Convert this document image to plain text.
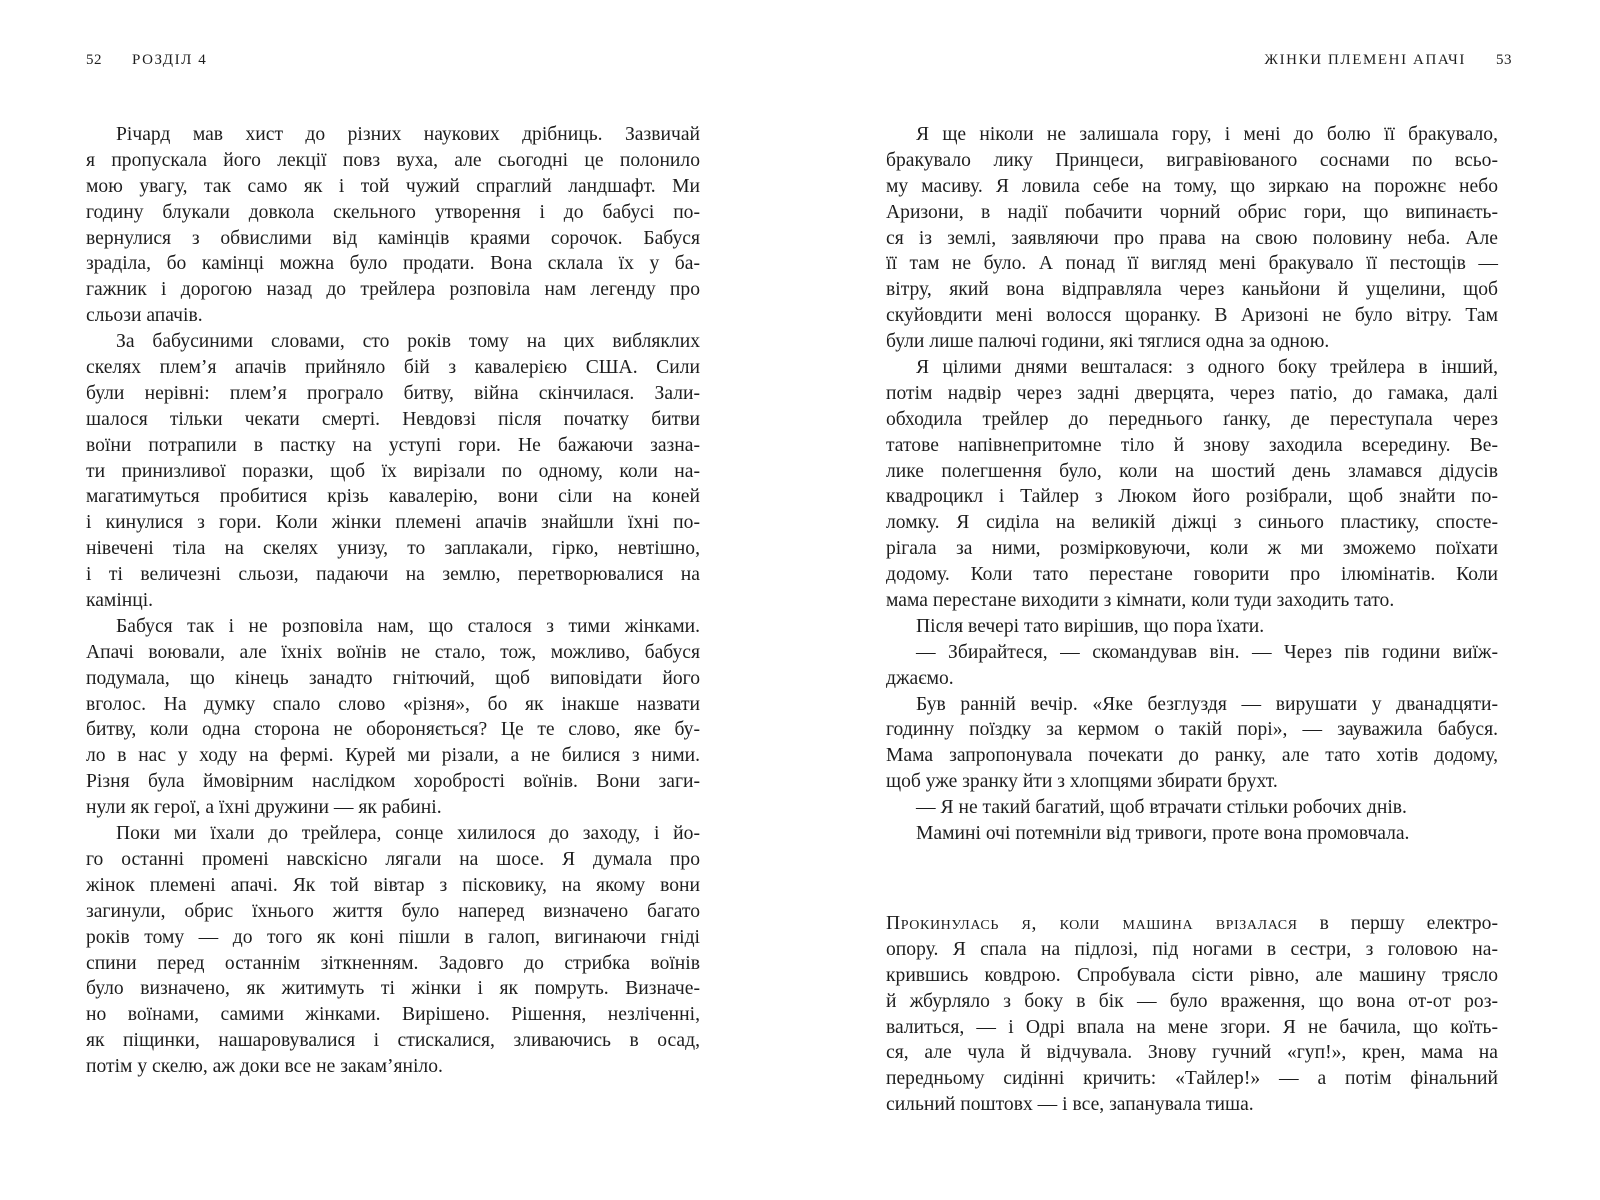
52 РОЗДІЛ 4
Річард мав хист до різних наукових дрібниць. Зазвичай
я пропускала його лекції повз вуха, але сьогодні це полонило
мою увагу, так само як і той чужий спраглий ландшафт. Ми
годину блукали довкола скельного утворення і до бабусі по-
вернулися з обвислими від камінців краями сорочок. Бабуся
зраділа, бо камінці можна було продати. Вона склала їх у ба-
гажник і дорогою назад до трейлера розповіла нам легенду про
сльози апачів.
За бабусиними словами, сто років тому на цих вибляклих
скелях плем’я апачів прийняло бій з кавалерією США. Сили
були нерівні: плем’я програло битву, війна скінчилася. Зали-
шалося тільки чекати смерті. Невдовзі після початку битви
воїни потрапили в пастку на уступі гори. Не бажаючи зазна-
ти принизливої поразки, щоб їх вирізали по одному, коли на-
магатимуться пробитися крізь кавалерію, вони сіли на коней
і кинулися з гори. Коли жінки племені апачів знайшли їхні по-
нівечені тіла на скелях унизу, то заплакали, гірко, невтішно,
і ті величезні сльози, падаючи на землю, перетворювалися на
камінці.
Бабуся так і не розповіла нам, що сталося з тими жінками.
Апачі воювали, але їхніх воїнів не стало, тож, можливо, бабуся
подумала, що кінець занадто гнітючий, щоб виповідати його
вголос. На думку спало слово «різня», бо як інакше назвати
битву, коли одна сторона не обороняється? Це те слово, яке бу-
ло в нас у ходу на фермі. Курей ми різали, а не билися з ними.
Різня була ймовірним наслідком хоробрості воїнів. Вони заги-
нули як герої, а їхні дружини — як рабині.
Поки ми їхали до трейлера, сонце хилилося до заходу, і йо-
го останні промені навскісно лягали на шосе. Я думала про
жінок племені апачі. Як той вівтар з пісковику, на якому вони
загинули, обрис їхнього життя було наперед визначено багато
років тому — до того як коні пішли в галоп, вигинаючи гніді
спини перед останнім зіткненням. Задовго до стрибка воїнів
було визначено, як житимуть ті жінки і як помруть. Визначе-
но воїнами, самими жінками. Вирішено. Рішення, незліченні,
як піщинки, нашаровувалися і стискалися, зливаючись в осад,
потім у скелю, аж доки все не закам’яніло.
ЖІНКИ ПЛЕМЕНІ АПАЧІ 53
Я ще ніколи не залишала гору, і мені до болю її бракувало,
бракувало лику Принцеси, вигравіюваного соснами по всьо-
му масиву. Я ловила себе на тому, що зиркаю на порожнє небо
Аризони, в надії побачити чорний обрис гори, що випинаєть-
ся із землі, заявляючи про права на свою половину неба. Але
її там не було. А понад її вигляд мені бракувало її пестощів —
вітру, який вона відправляла через каньйони й ущелини, щоб
скуйовдити мені волосся щоранку. В Аризоні не було вітру. Там
були лише палючі години, які тяглися одна за одною.
Я цілими днями вешталася: з одного боку трейлера в інший,
потім надвір через задні дверцята, через патіо, до гамака, далі
обходила трейлер до переднього ґанку, де переступала через
татове напівнепритомне тіло й знову заходила всередину. Ве-
лике полегшення було, коли на шостий день зламався дідусів
квадроцикл і Тайлер з Люком його розібрали, щоб знайти по-
ломку. Я сиділа на великій діжці з синього пластику, спосте-
рігала за ними, розмірковуючи, коли ж ми зможемо поїхати
додому. Коли тато перестане говорити про ілюмінатів. Коли
мама перестане виходити з кімнати, коли туди заходить тато.
Після вечері тато вирішив, що пора їхати.
— Збирайтеся, — скомандував він. — Через пів години виїж-
джаємо.
Був ранній вечір. «Яке безглуздя — вирушати у дванадцяти-
годинну поїздку за кермом о такій порі», — зауважила бабуся.
Мама запропонувала почекати до ранку, але тато хотів додому,
щоб уже зранку йти з хлопцями збирати брухт.
— Я не такий багатий, щоб втрачати стільки робочих днів.
Мамині очі потемніли від тривоги, проте вона промовчала.
Прокинулась я, коли машина врізалася в першу електро-
опору. Я спала на підлозі, під ногами в сестри, з головою на-
крившись ковдрою. Спробувала сісти рівно, але машину трясло
й жбурляло з боку в бік — було враження, що вона от-от роз-
валиться, — і Одрі впала на мене згори. Я не бачила, що коїть-
ся, але чула й відчувала. Знову гучний «гуп!», крен, мама на
передньому сидінні кричить: «Тайлер!» — а потім фінальний
сильний поштовх — і все, запанувала тиша.
